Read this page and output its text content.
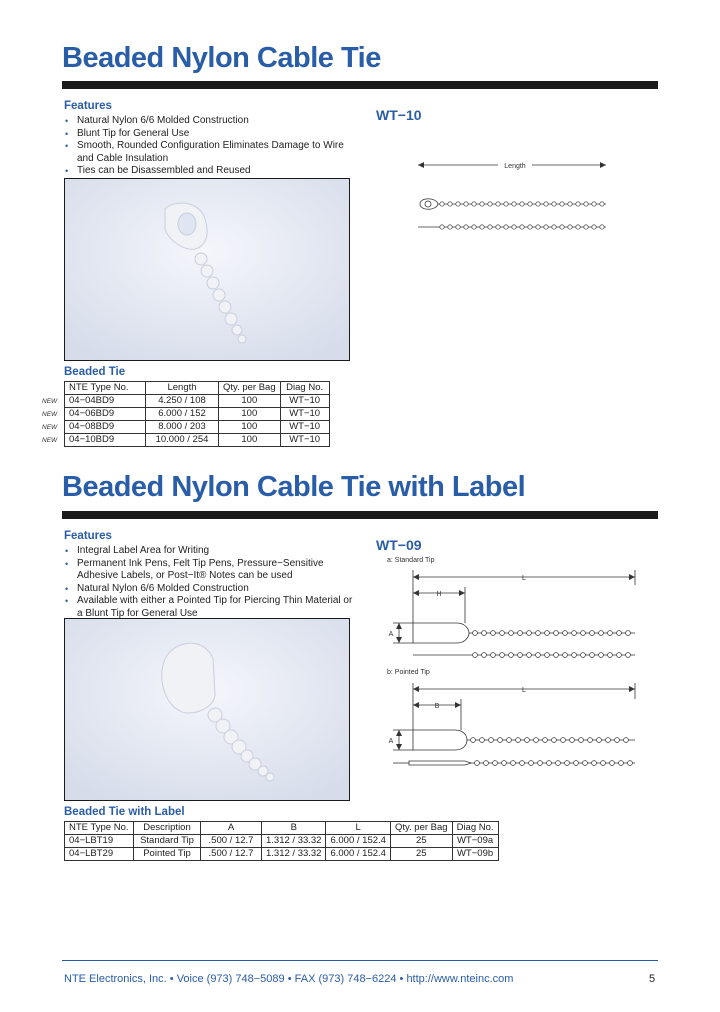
Beaded Nylon Cable Tie
Features
• Natural Nylon 6/6 Molded Construction
• Blunt Tip for General Use
• Smooth, Rounded Configuration Eliminates Damage to Wire and Cable Insulation
• Ties can be Disassembled and Reused
WT−10
Length
Beaded Tie
NEW
NEW
NEW
NEW
NTE Type No.	Length	Qty. per Bag	Diag No.
04−04BD9	4.250 / 108	100	WT−10
04−06BD9	6.000 / 152	100	WT−10
04−08BD9	8.000 / 203	100	WT−10
04−10BD9	10.000 / 254	100	WT−10
Beaded Nylon Cable Tie with Label
Features
• Integral Label Area for Writing
• Permanent Ink Pens, Felt Tip Pens, Pressure−Sensitive Adhesive Labels, or Post−It® Notes can be used
• Natural Nylon 6/6 Molded Construction
• Available with either a Pointed Tip for Piercing Thin Material or a Blunt Tip for General Use
WT−09
a: Standard Tip
b: Pointed Tip
L
H
A
L
B
A
Beaded Tie with Label
NTE Type No.	Description	A	B	L	Qty. per Bag	Diag No.
04−LBT19	Standard Tip	.500 / 12.7	1.312 / 33.32	6.000 / 152.4	25	WT−09a
04−LBT29	Pointed Tip	.500 / 12.7	1.312 / 33.32	6.000 / 152.4	25	WT−09b
NTE Electronics, Inc. • Voice (973) 748−5089 • FAX (973) 748−6224 • http://www.nteinc.com	5
